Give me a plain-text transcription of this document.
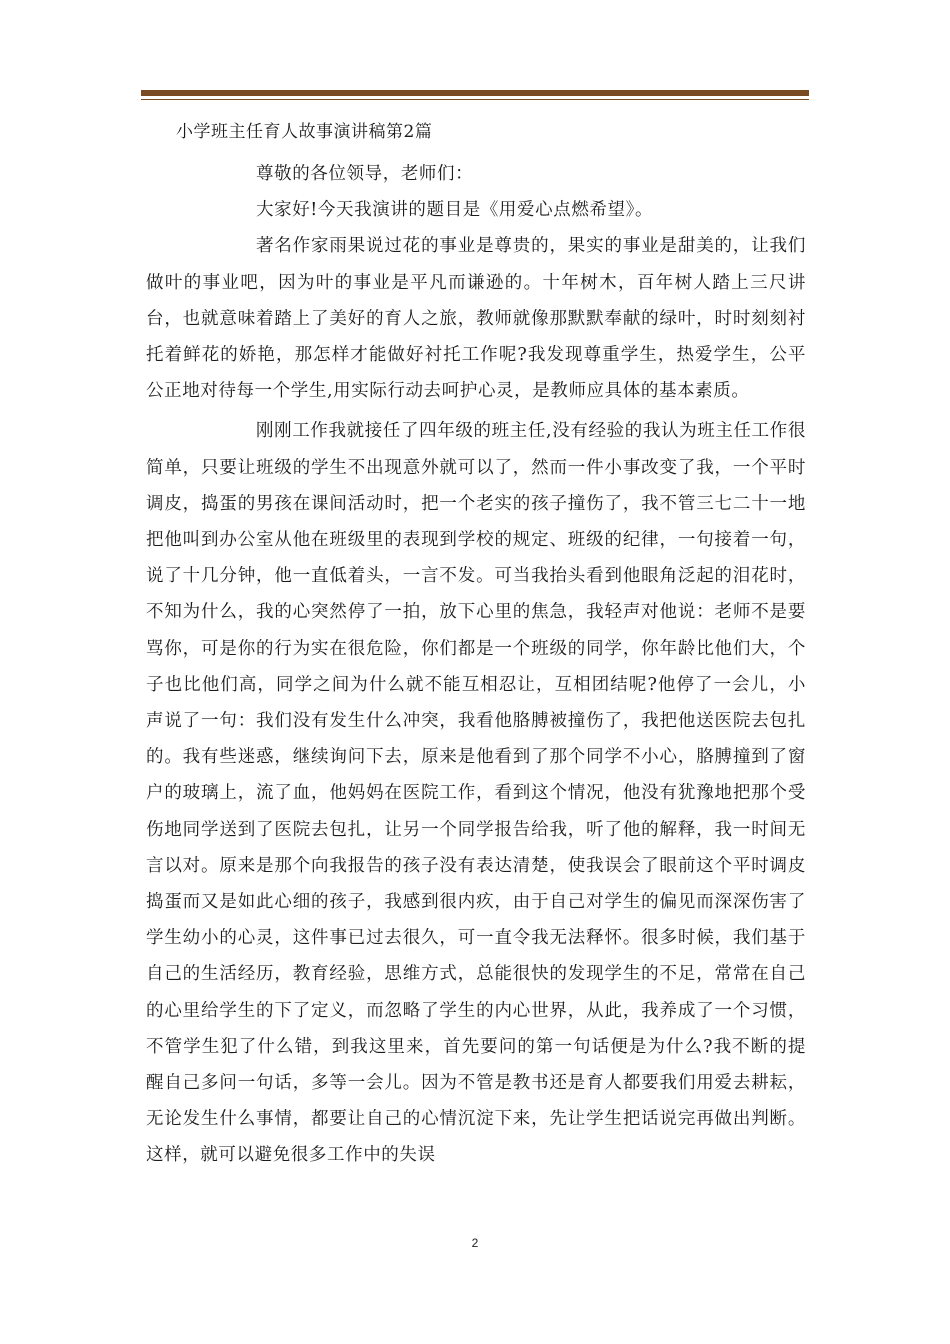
小学班主任育人故事演讲稿第2篇

尊敬的各位领导，老师们：

大家好!今天我演讲的题目是《用爱心点燃希望》。

著名作家雨果说过花的事业是尊贵的，果实的事业是甜美的，让我们做叶的事业吧，因为叶的事业是平凡而谦逊的。十年树木，百年树人踏上三尺讲台，也就意味着踏上了美好的育人之旅，教师就像那默默奉献的绿叶，时时刻刻衬托着鲜花的娇艳，那怎样才能做好衬托工作呢?我发现尊重学生，热爱学生，公平公正地对待每一个学生,用实际行动去呵护心灵，是教师应具体的基本素质。

刚刚工作我就接任了四年级的班主任,没有经验的我认为班主任工作很简单，只要让班级的学生不出现意外就可以了，然而一件小事改变了我，一个平时调皮，捣蛋的男孩在课间活动时，把一个老实的孩子撞伤了，我不管三七二十一地把他叫到办公室从他在班级里的表现到学校的规定、班级的纪律，一句接着一句，说了十几分钟，他一直低着头，一言不发。可当我抬头看到他眼角泛起的泪花时，不知为什么，我的心突然停了一拍，放下心里的焦急，我轻声对他说：老师不是要骂你，可是你的行为实在很危险，你们都是一个班级的同学，你年龄比他们大，个子也比他们高，同学之间为什么就不能互相忍让，互相团结呢?他停了一会儿，小声说了一句：我们没有发生什么冲突，我看他胳膊被撞伤了，我把他送医院去包扎的。我有些迷惑，继续询问下去，原来是他看到了那个同学不小心，胳膊撞到了窗户的玻璃上，流了血，他妈妈在医院工作，看到这个情况，他没有犹豫地把那个受伤地同学送到了医院去包扎，让另一个同学报告给我，听了他的解释，我一时间无言以对。原来是那个向我报告的孩子没有表达清楚，使我误会了眼前这个平时调皮捣蛋而又是如此心细的孩子，我感到很内疚，由于自己对学生的偏见而深深伤害了学生幼小的心灵，这件事已过去很久，可一直令我无法释怀。很多时候，我们基于自己的生活经历，教育经验，思维方式，总能很快的发现学生的不足，常常在自己的心里给学生的下了定义，而忽略了学生的内心世界，从此，我养成了一个习惯，不管学生犯了什么错，到我这里来，首先要问的第一句话便是为什么?我不断的提醒自己多问一句话，多等一会儿。因为不管是教书还是育人都要我们用爱去耕耘，无论发生什么事情，都要让自己的心情沉淀下来，先让学生把话说完再做出判断。这样，就可以避免很多工作中的失误

2
